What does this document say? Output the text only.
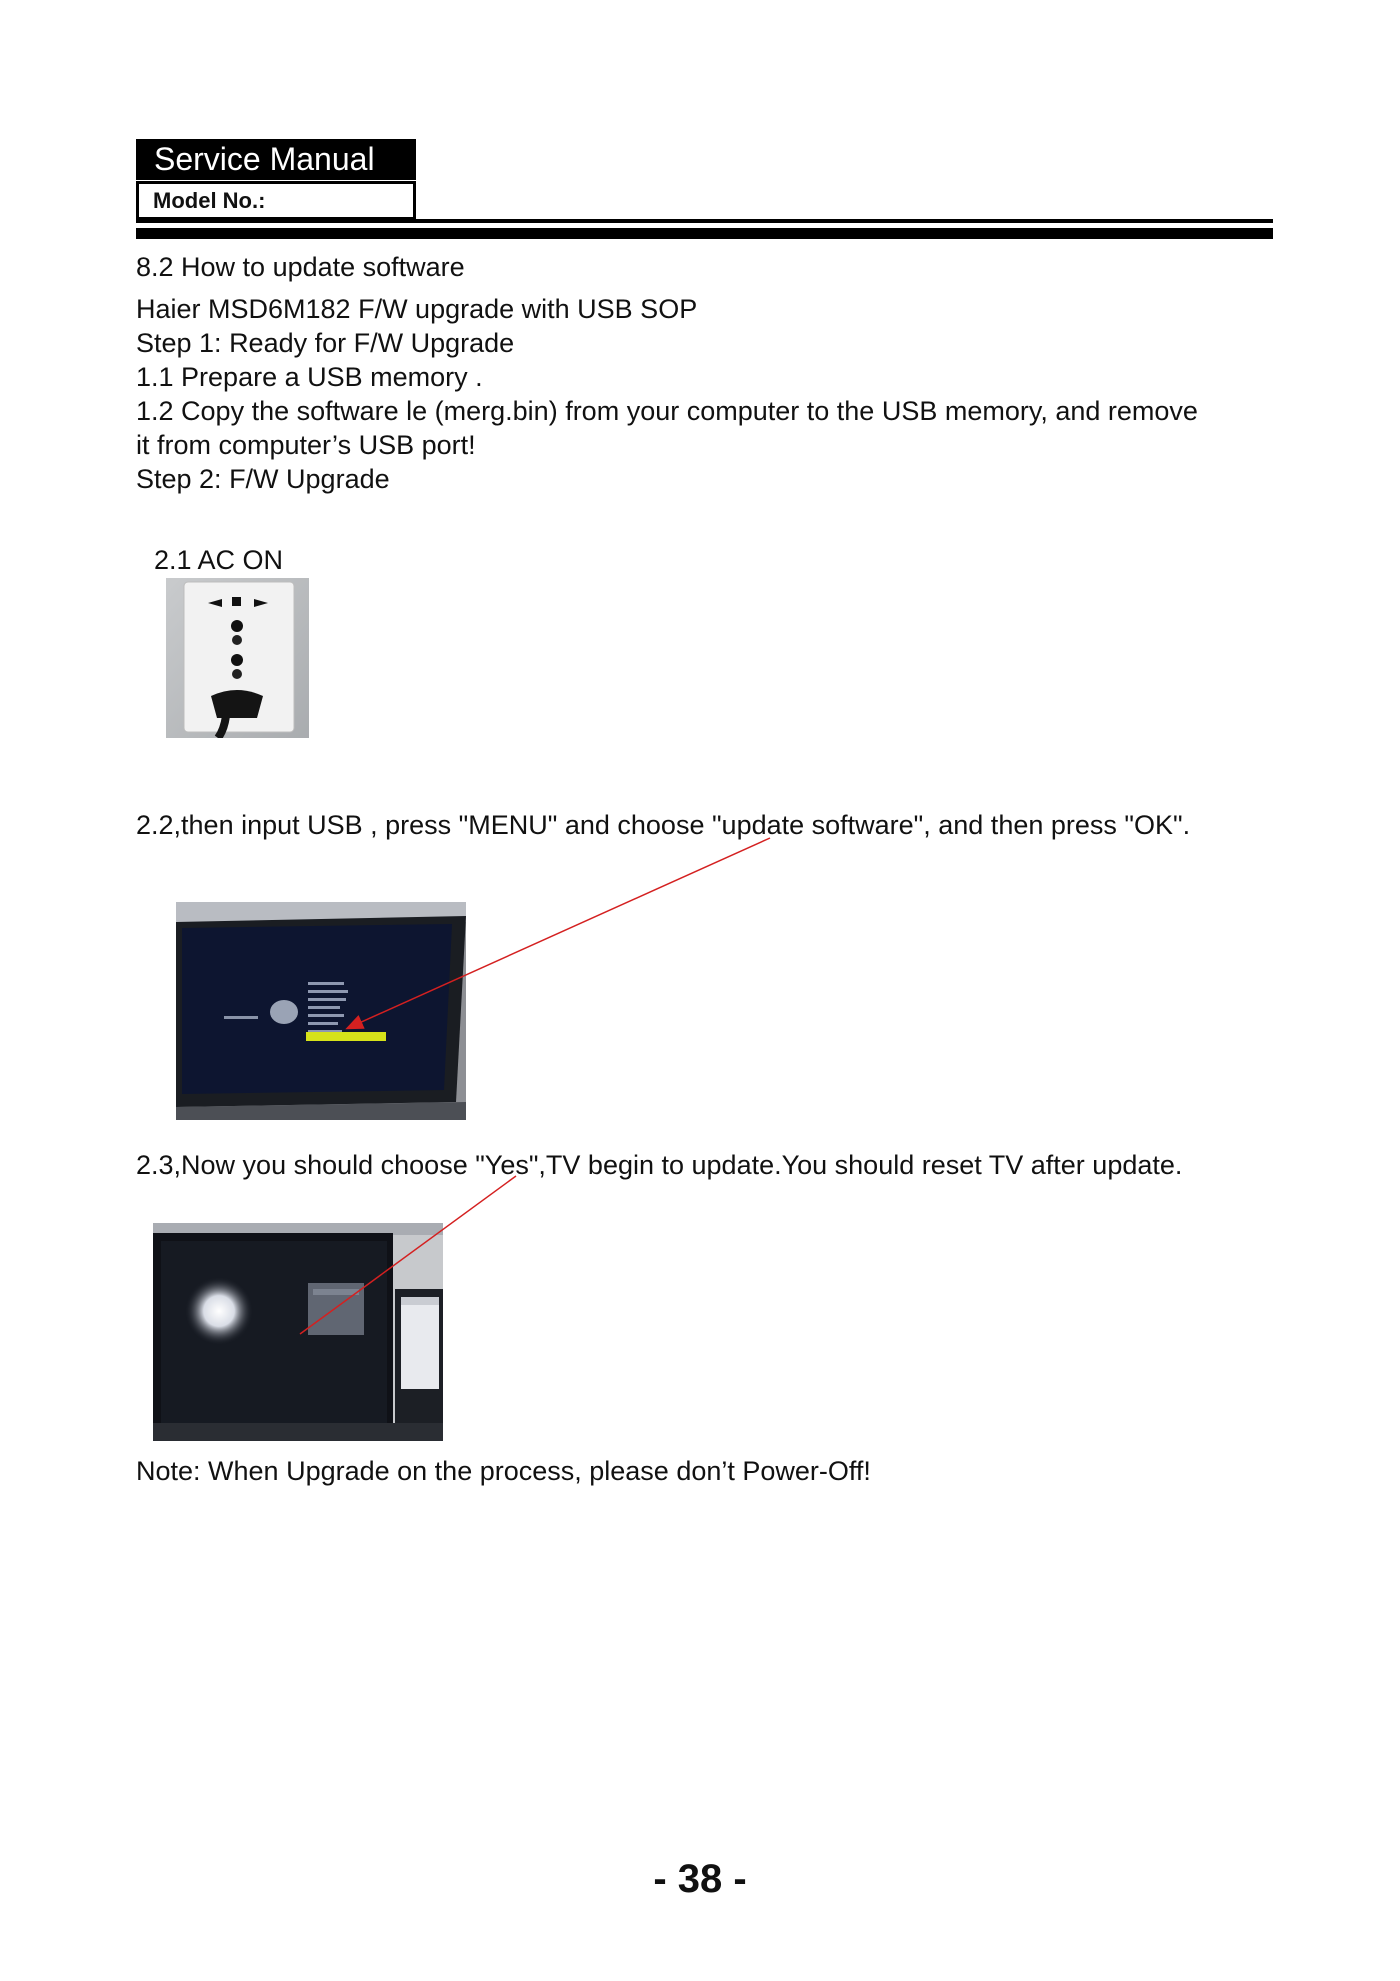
Service Manual
Model No.:
8.2 How to update software
Haier MSD6M182 F/W upgrade with USB SOP
Step 1: Ready for F/W Upgrade
1.1 Prepare a USB memory .
1.2 Copy the software le (merg.bin) from your computer to the USB memory, and remove
it from computer’s USB port!
Step 2: F/W Upgrade
2.1 AC ON
2.2,then input USB , press "MENU" and choose "update software", and then press "OK".
2.3,Now you should choose "Yes",TV begin to update.You should reset TV after update.
Note: When Upgrade on the process, please don’t Power-Off!
- 38 -
